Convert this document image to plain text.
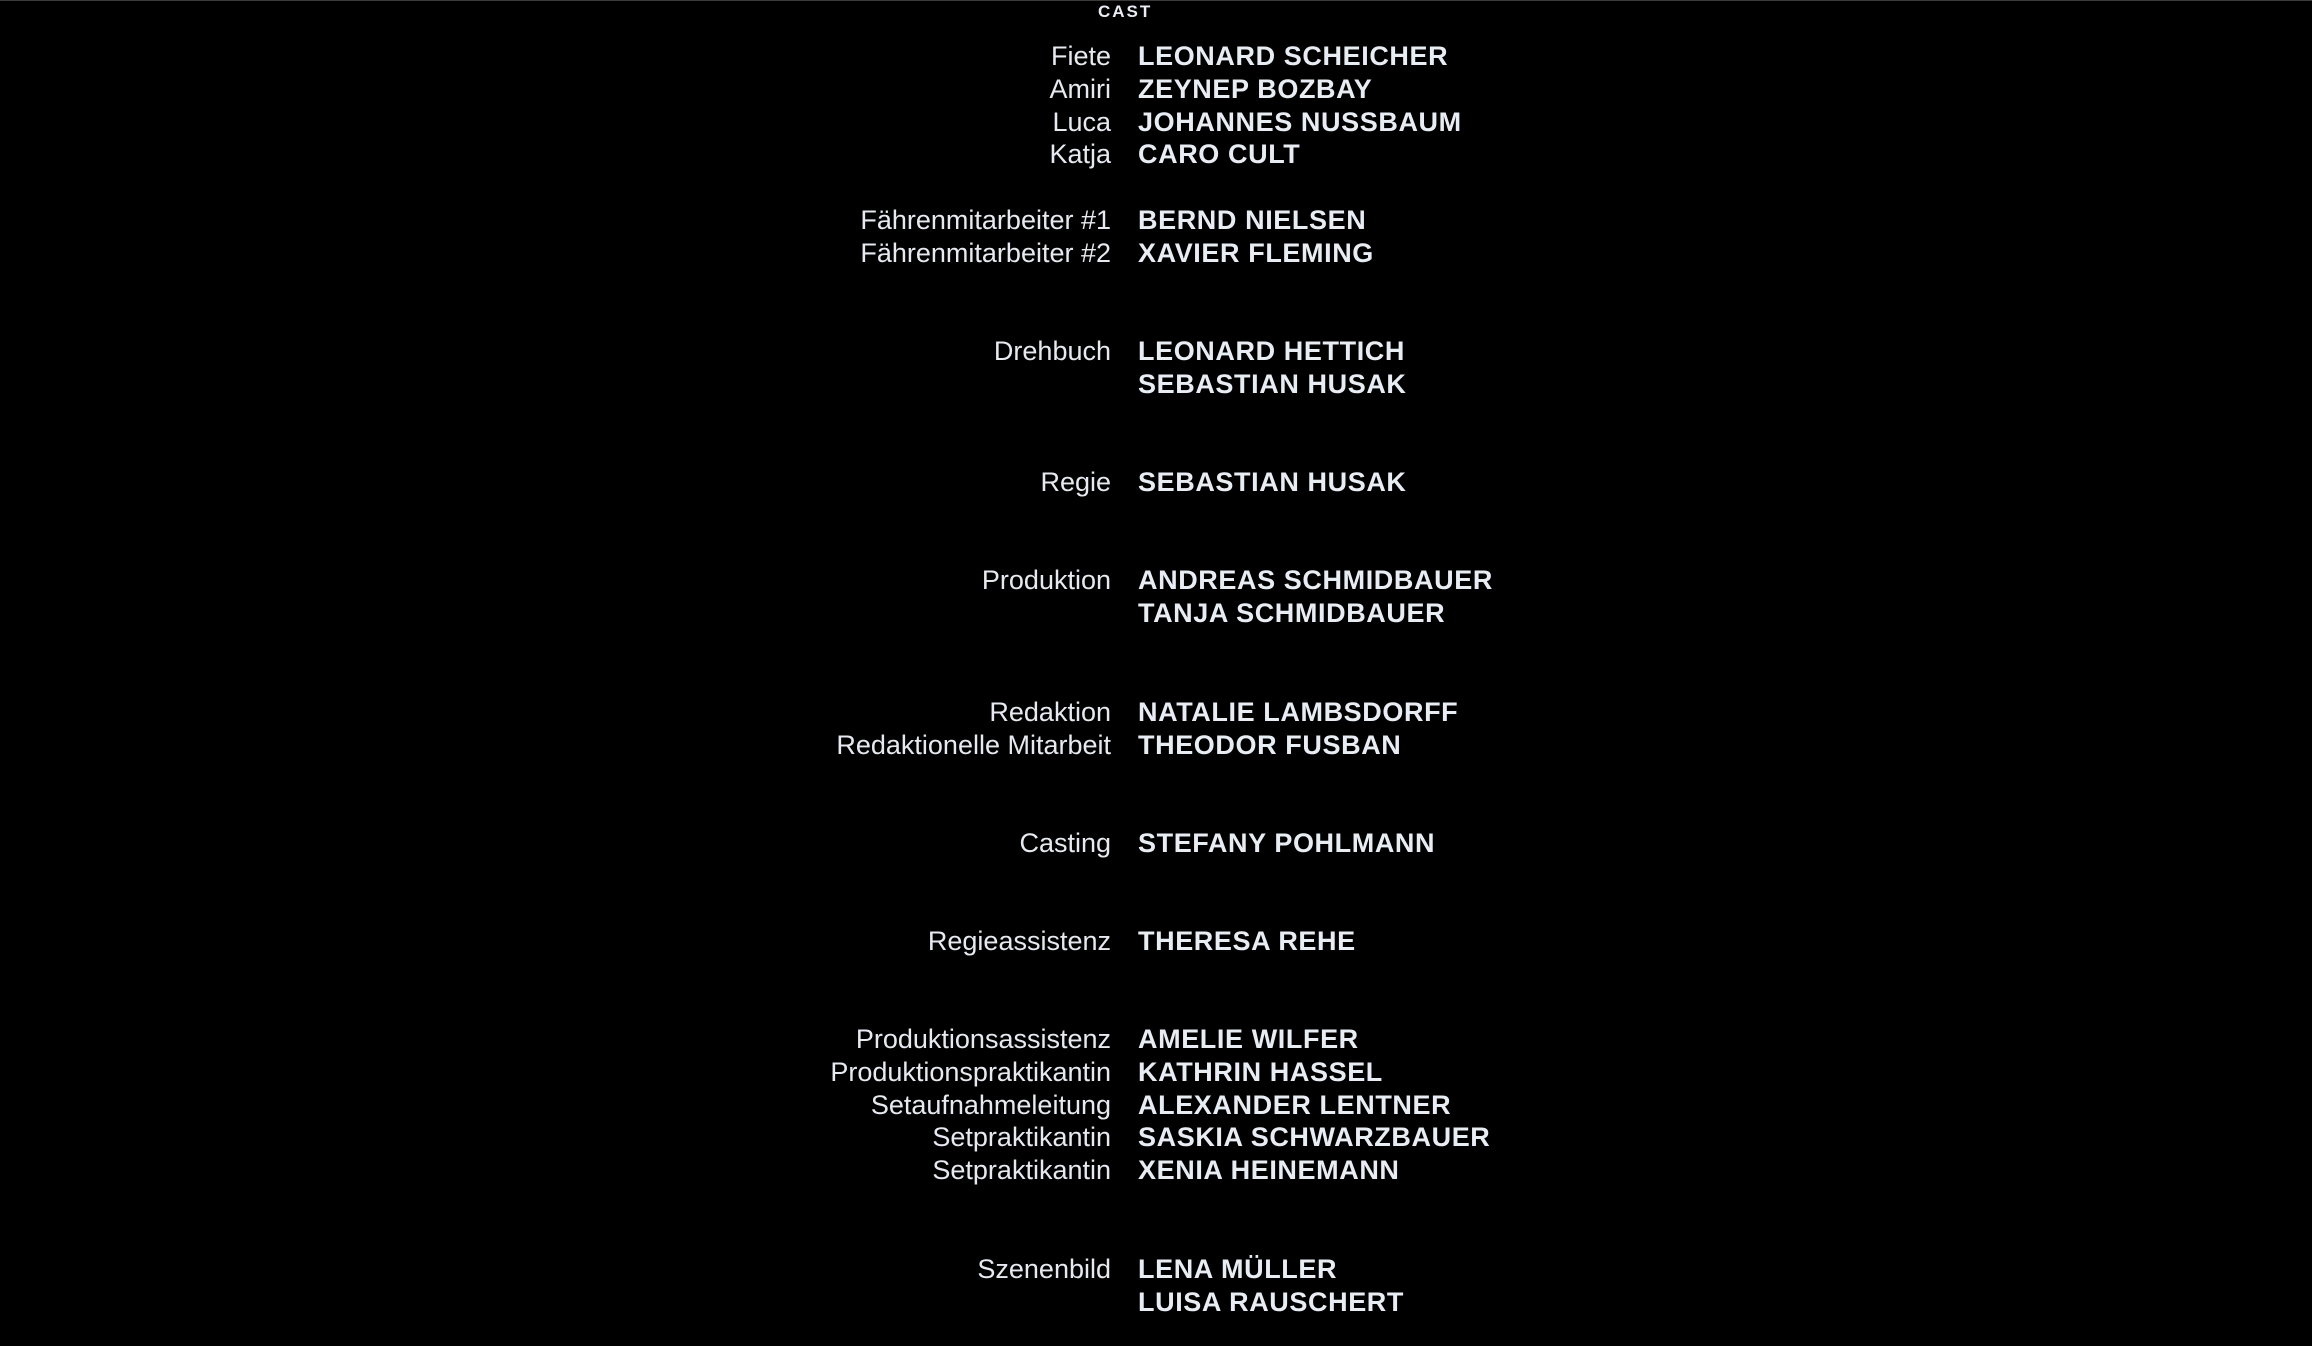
CAST
Fiete LEONARD SCHEICHER
Amiri ZEYNEP BOZBAY
Luca JOHANNES NUSSBAUM
Katja CARO CULT
Fährenmitarbeiter #1 BERND NIELSEN
Fährenmitarbeiter #2 XAVIER FLEMING
Drehbuch LEONARD HETTICH
SEBASTIAN HUSAK
Regie SEBASTIAN HUSAK
Produktion ANDREAS SCHMIDBAUER
TANJA SCHMIDBAUER
Redaktion NATALIE LAMBSDORFF
Redaktionelle Mitarbeit THEODOR FUSBAN
Casting STEFANY POHLMANN
Regieassistenz THERESA REHE
Produktionsassistenz AMELIE WILFER
Produktionspraktikantin KATHRIN HASSEL
Setaufnahmeleitung ALEXANDER LENTNER
Setpraktikantin SASKIA SCHWARZBAUER
Setpraktikantin XENIA HEINEMANN
Szenenbild LENA MÜLLER
LUISA RAUSCHERT
